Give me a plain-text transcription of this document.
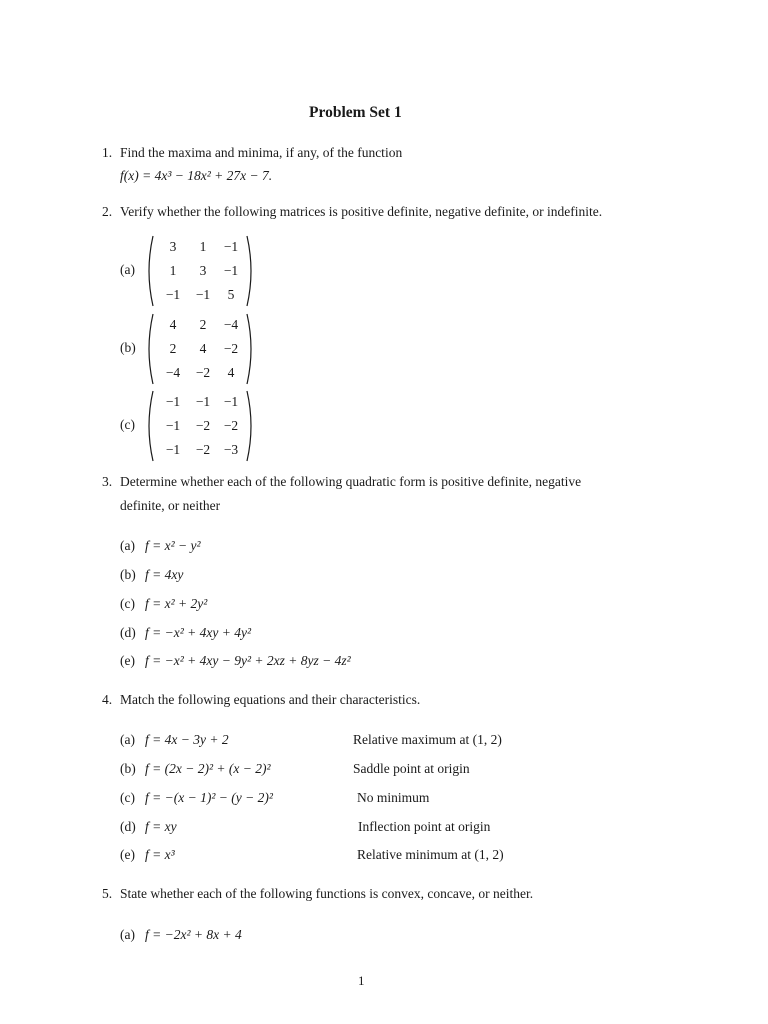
Problem Set 1
1. Find the maxima and minima, if any, of the function
f(x) = 4x³ − 18x² + 27x − 7.
2. Verify whether the following matrices is positive definite, negative definite, or indefinite.
(a)
3	1	−1
1	3	−1
−1	−1	5
(b)
4	2	−4
2	4	−2
−4	−2	4
(c)
−1	−1	−1
−1	−2	−2
−1	−2	−3
3. Determine whether each of the following quadratic form is positive definite, negative
definite, or neither
(a) f = x² − y²
(b) f = 4xy
(c) f = x² + 2y²
(d) f = −x² + 4xy + 4y²
(e) f = −x² + 4xy − 9y² + 2xz + 8yz − 4z²
4. Match the following equations and their characteristics.
(a) f = 4x − 3y + 2	Relative maximum at (1, 2)
(b) f = (2x − 2)² + (x − 2)²	Saddle point at origin
(c) f = −(x − 1)² − (y − 2)²	No minimum
(d) f = xy	Inflection point at origin
(e) f = x³	Relative minimum at (1, 2)
5. State whether each of the following functions is convex, concave, or neither.
(a) f = −2x² + 8x + 4
1
